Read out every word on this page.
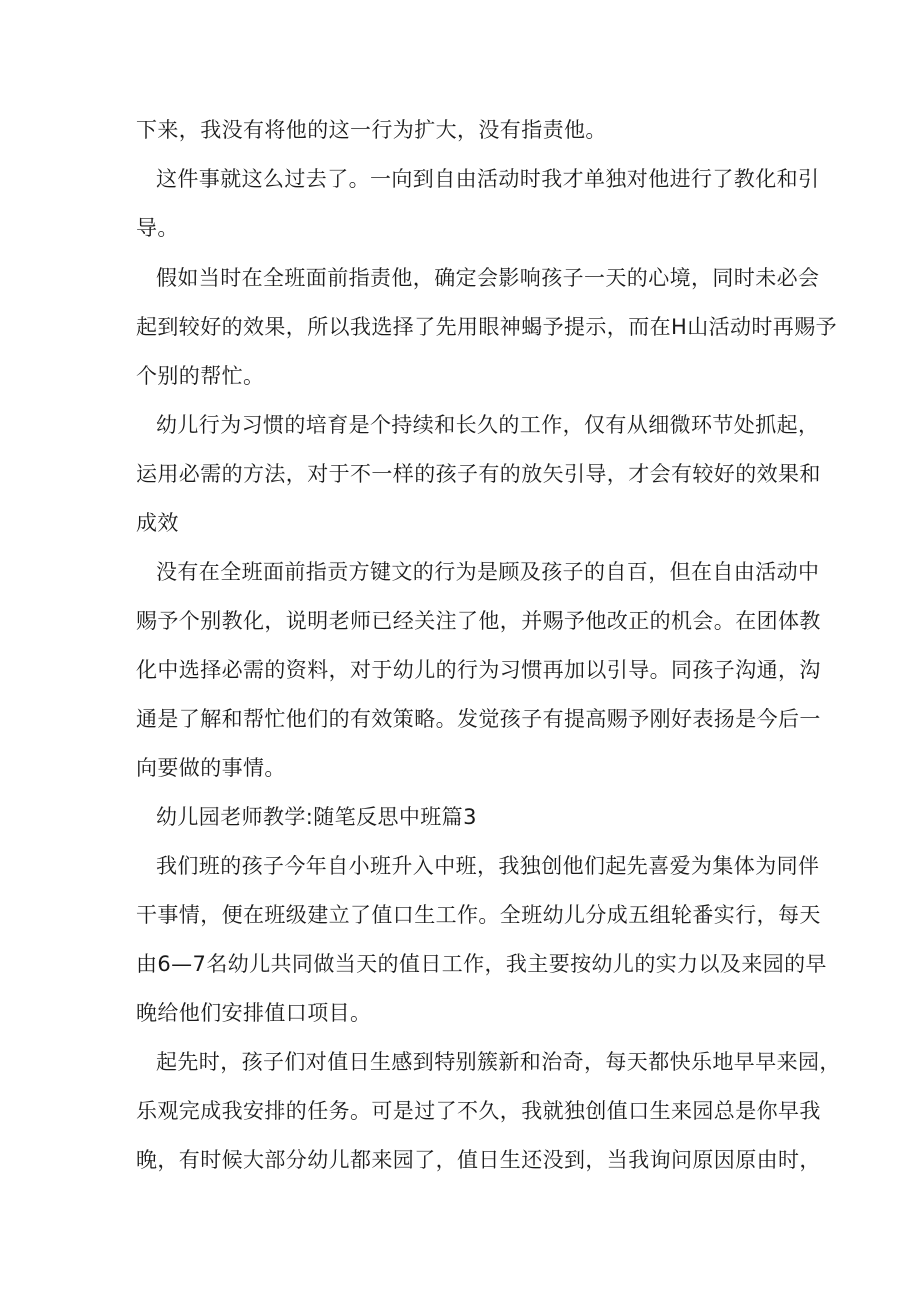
下来，我没有将他的这一行为扩大，没有指责他。
这件事就这么过去了。一向到自由活动时我才单独对他进行了教化和引
导。
假如当时在全班面前指责他，确定会影响孩子一天的心境，同时未必会
起到较好的效果，所以我选择了先用眼神蝎予提示，而在H山活动时再赐予
个别的帮忙。
幼儿行为习惯的培育是个持续和长久的工作，仅有从细微环节处抓起，
运用必需的方法，对于不一样的孩子有的放矢引导，才会有较好的效果和
成效
没有在全班面前指贡方键文的行为是顾及孩子的自百，但在自由活动中
赐予个别教化，说明老师已经关注了他，并赐予他改正的机会。在团体教
化中选择必需的资料，对于幼儿的行为习惯再加以引导。同孩子沟通，沟
通是了解和帮忙他们的有效策略。发觉孩子有提高赐予刚好表扬是今后一
向要做的事情。
幼儿园老师教学:随笔反思中班篇3
我们班的孩子今年自小班升入中班，我独创他们起先喜爱为集体为同伴
干事情，便在班级建立了值口生工作。全班幼儿分成五组轮番实行，每天
由6—7名幼儿共同做当天的值日工作，我主要按幼儿的实力以及来园的早
晚给他们安排值口项目。
起先时，孩子们对值日生感到特别簇新和治奇，每天都快乐地早早来园，
乐观完成我安排的任务。可是过了不久，我就独创值口生来园总是你早我
晚，有时候大部分幼儿都来园了，值日生还没到，当我询问原因原由时，
